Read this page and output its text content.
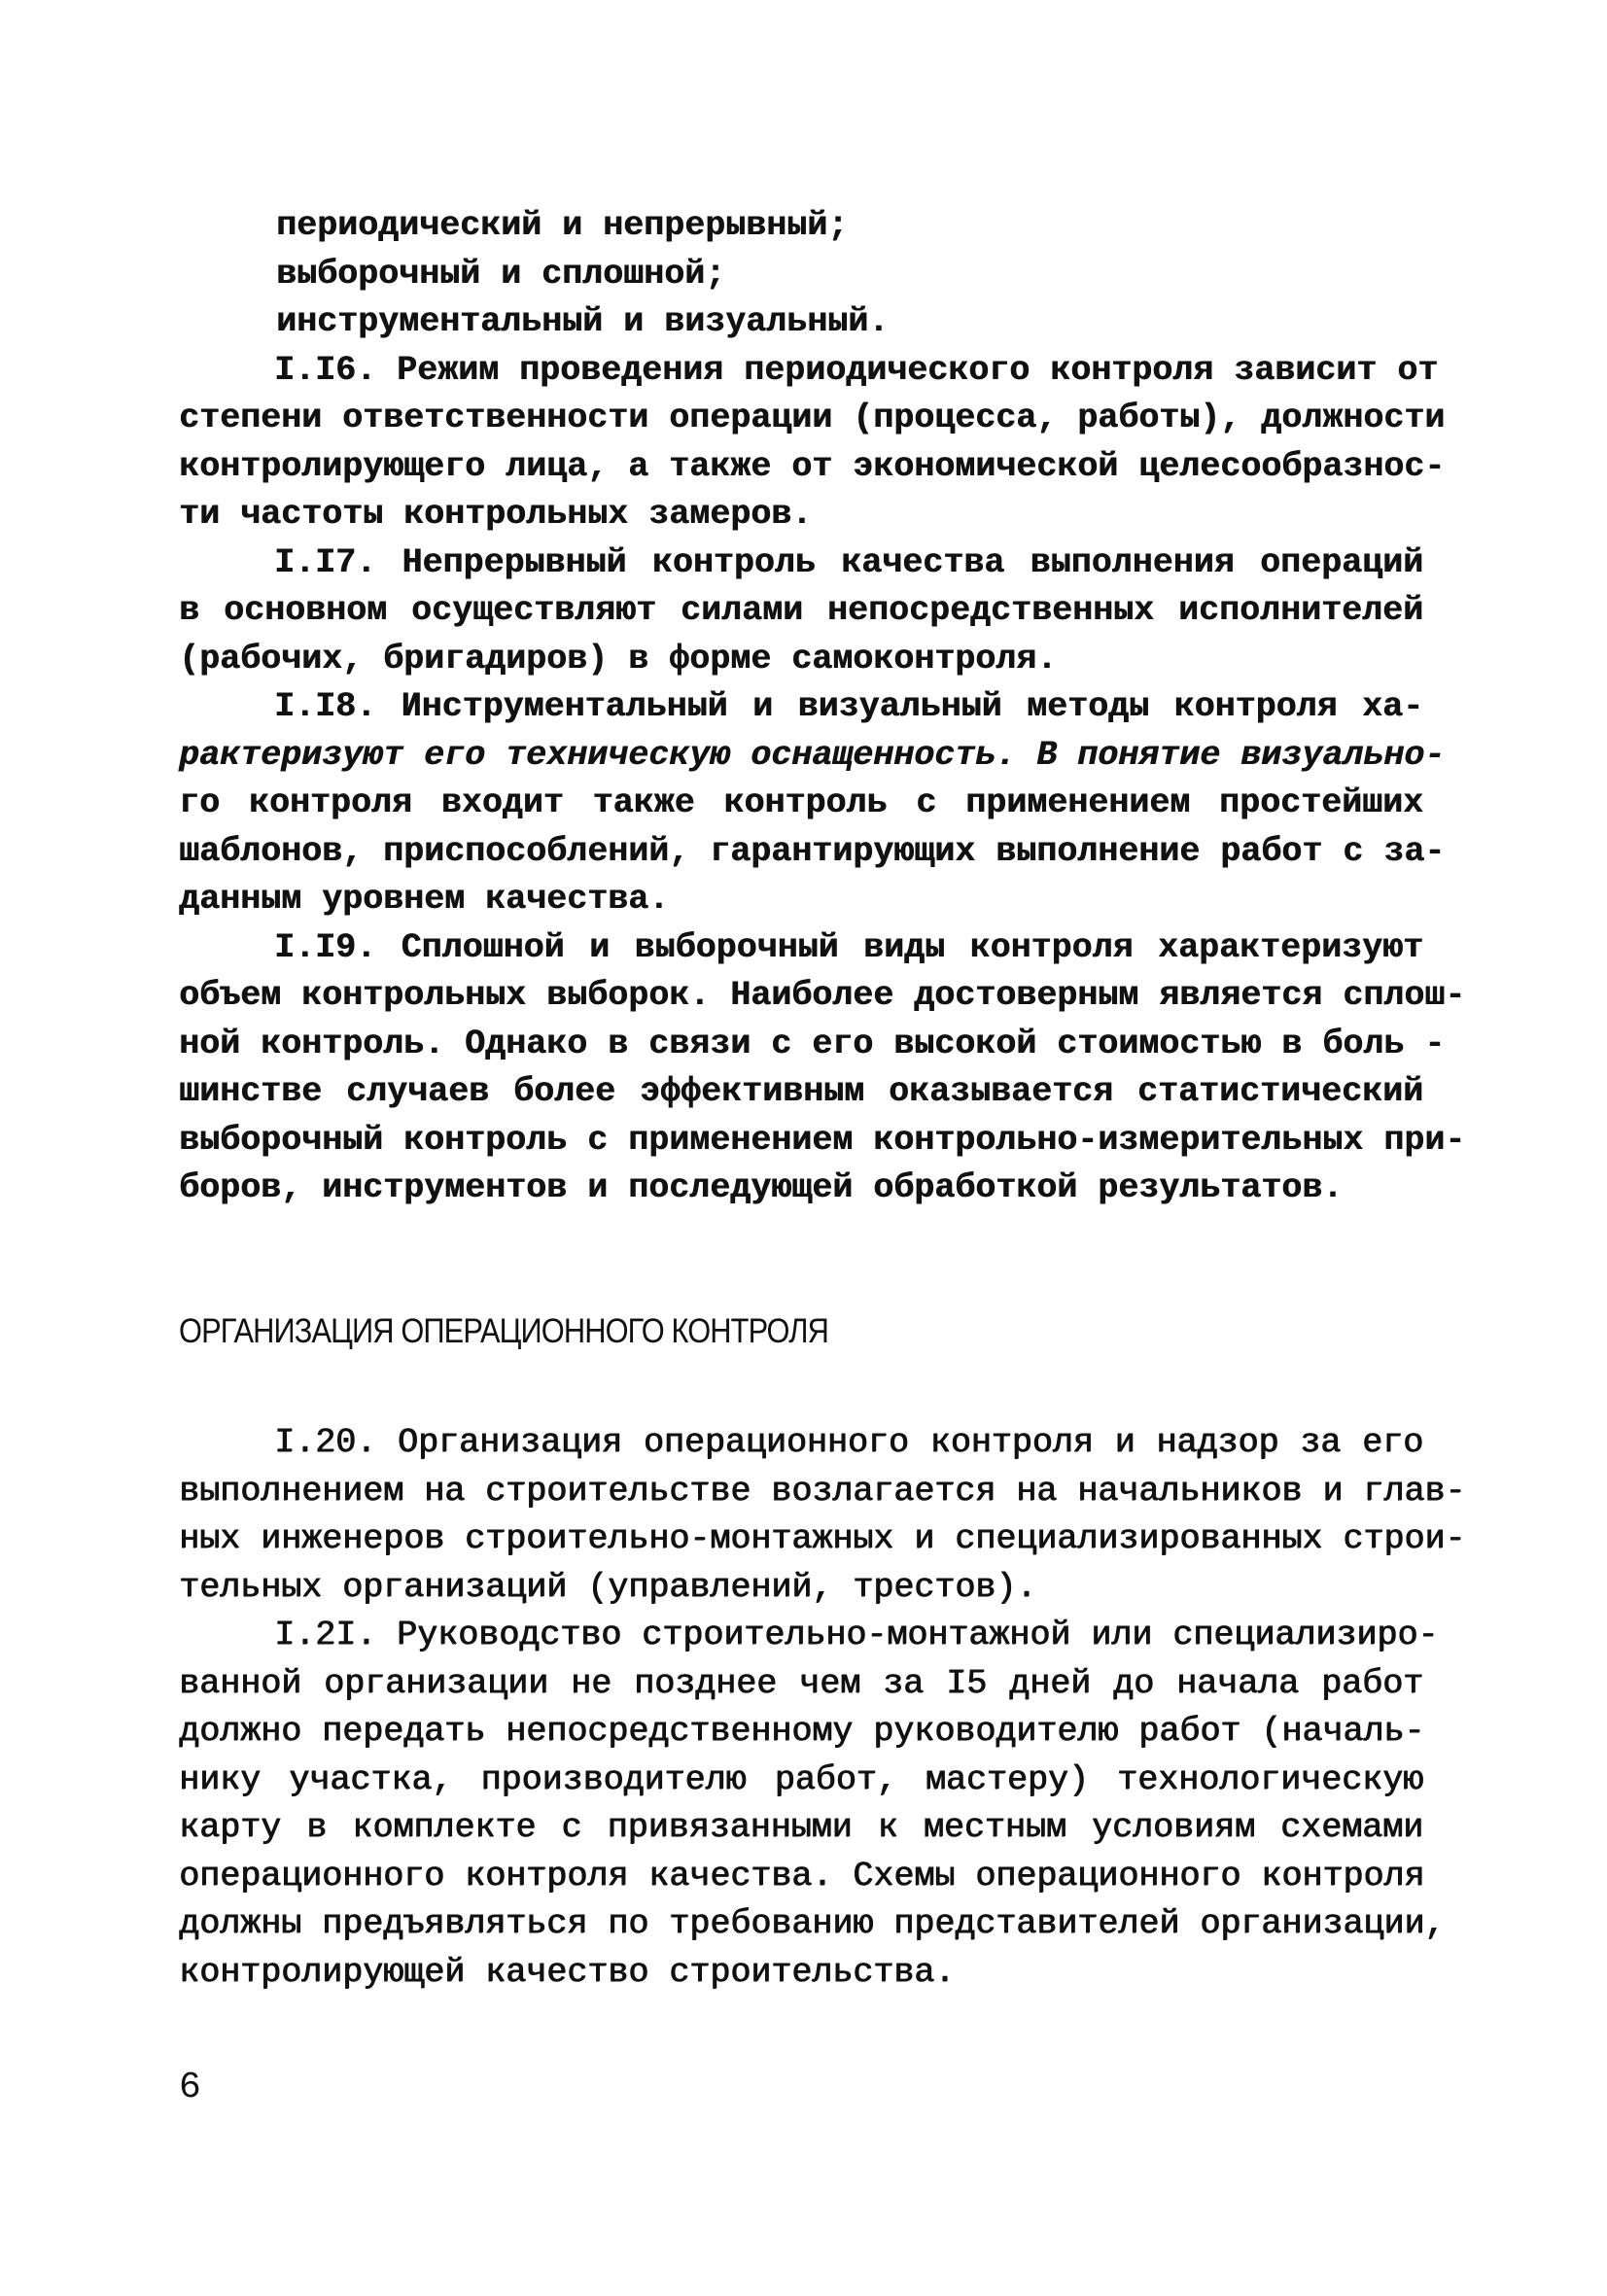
периодический и непрерывный;
выборочный и сплошной;
инструментальный и визуальный.
I.I6. Режим проведения периодического контроля зависит от
степени ответственности операции (процесса, работы), должности
контролирующего лица, а также от экономической целесообразнос-
ти частоты контрольных замеров.
I.I7. Непрерывный контроль качества выполнения операций
в основном осуществляют силами непосредственных исполнителей
(рабочих, бригадиров) в форме самоконтроля.
I.I8. Инструментальный и визуальный методы контроля ха-
рактеризуют его техническую оснащенность. В понятие визуально-
го контроля входит также контроль с применением простейших
шаблонов, приспособлений, гарантирующих выполнение работ с за-
данным уровнем качества.
I.I9. Сплошной и выборочный виды контроля характеризуют
объем контрольных выборок. Наиболее достоверным является сплош-
ной контроль. Однако в связи с его высокой стоимостью в боль -
шинстве случаев более эффективным оказывается статистический
выборочный контроль с применением контрольно-измерительных при-
боров, инструментов и последующей обработкой результатов.
ОРГАНИЗАЦИЯ ОПЕРАЦИОННОГО КОНТРОЛЯ
I.20. Организация операционного контроля и надзор за его
выполнением на строительстве возлагается на начальников и глав-
ных инженеров строительно-монтажных и специализированных строи-
тельных организаций (управлений, трестов).
I.2I. Руководство строительно-монтажной или специализиро-
ванной организации не позднее чем за I5 дней до начала работ
должно передать непосредственному руководителю работ (началь-
нику участка, производителю работ, мастеру) технологическую
карту в комплекте с привязанными к местным условиям схемами
операционного контроля качества. Схемы операционного контроля
должны предъявляться по требованию представителей организации,
контролирующей качество строительства.
6
